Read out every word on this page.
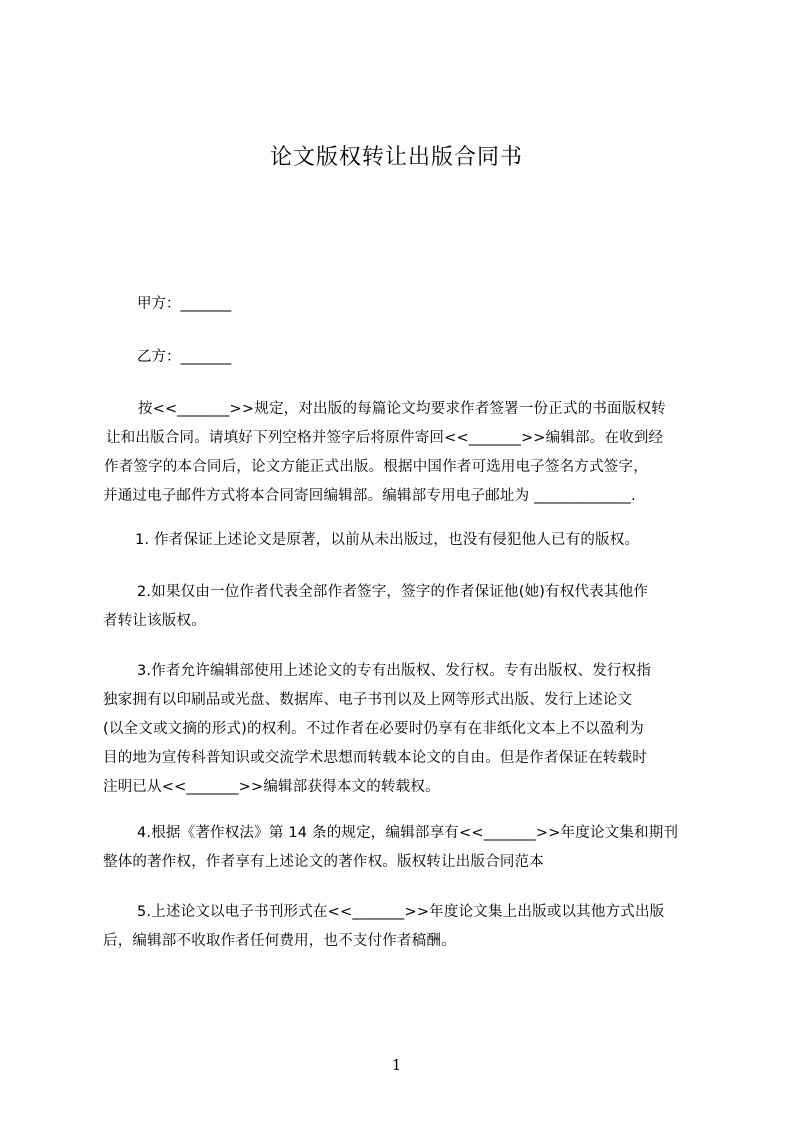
论文版权转让出版合同书
甲方：_______
乙方：_______
按<<_______>>规定，对出版的每篇论文均要求作者签署一份正式的书面版权转
让和出版合同。请填好下列空格并签字后将原件寄回<<_______>>编辑部。在收到经
作者签字的本合同后，论文方能正式出版。根据中国作者可选用电子签名方式签字，
并通过电子邮件方式将本合同寄回编辑部。编辑部专用电子邮址为 _____________.
1. 作者保证上述论文是原著，以前从未出版过，也没有侵犯他人已有的版权。
2.如果仅由一位作者代表全部作者签字，签字的作者保证他(她)有权代表其他作
者转让该版权。
3.作者允许编辑部使用上述论文的专有出版权、发行权。专有出版权、发行权指
独家拥有以印刷品或光盘、数据库、电子书刊以及上网等形式出版、发行上述论文
(以全文或文摘的形式)的权利。不过作者在必要时仍享有在非纸化文本上不以盈利为
目的地为宣传科普知识或交流学术思想而转载本论文的自由。但是作者保证在转载时
注明已从<<_______>>编辑部获得本文的转载权。
4.根据《著作权法》第 14 条的规定，编辑部享有<<_______>>年度论文集和期刊
整体的著作权，作者享有上述论文的著作权。版权转让出版合同范本
5.上述论文以电子书刊形式在<<_______>>年度论文集上出版或以其他方式出版
后，编辑部不收取作者任何费用，也不支付作者稿酬。
1
